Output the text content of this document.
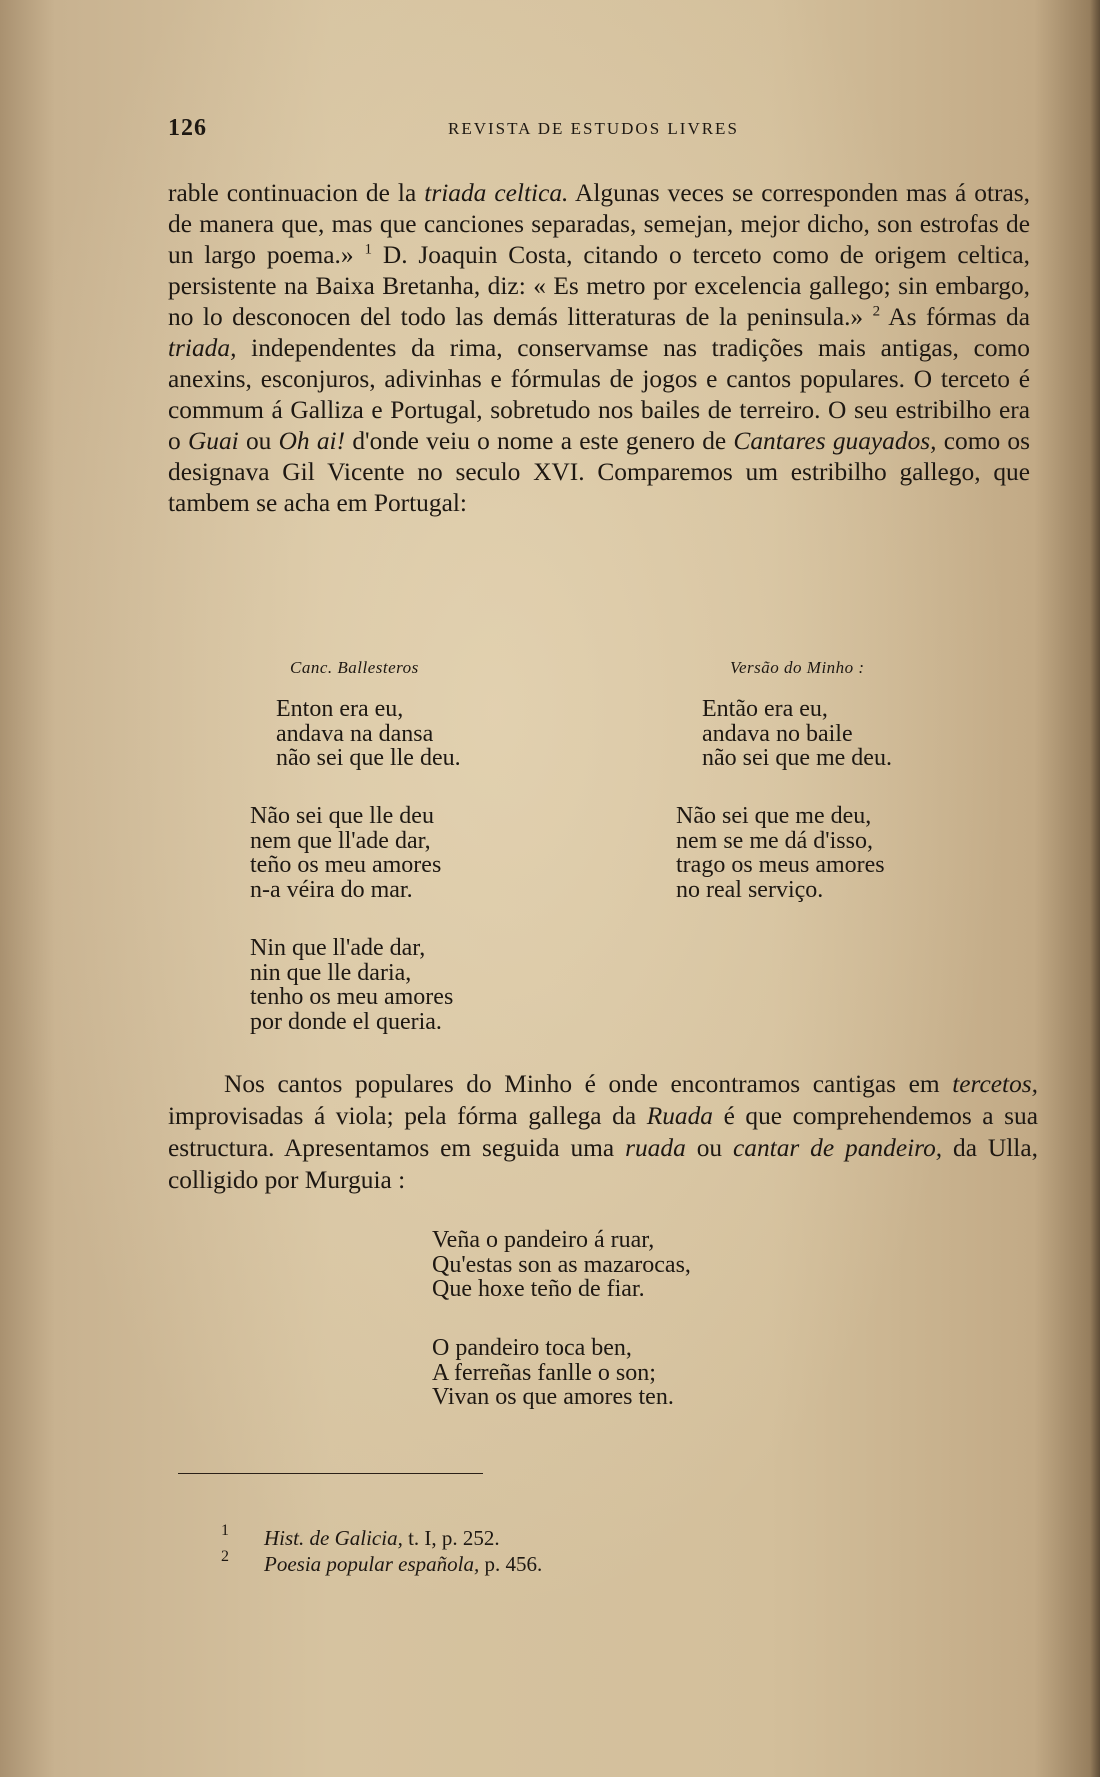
126	REVISTA DE ESTUDOS LIVRES
rable continuacion de la triada celtica. Algunas veces se corresponden mas á otras, de manera que, mas que canciones separadas, semejan, mejor dicho, son estrofas de un largo poema.» $^1$ D. Joaquin Costa, citando o terceto como de origem celtica, persistente na Baixa Bretanha, diz: « Es metro por excelencia gallego; sin embargo, no lo desconocen del todo las demás litteraturas de la peninsula.» $^2$ As fórmas da triada, independentes da rima, conservamse nas tradições mais antigas, como anexins, esconjuros, adivinhas e fórmulas de jogos e cantos populares. O terceto é commum á Galliza e Portugal, sobretudo nos bailes de terreiro. O seu estribilho era o Guai ou Oh ai! d'onde veiu o nome a este genero de Cantares guayados, como os designava Gil Vicente no seculo XVI. Comparemos um estribilho gallego, que tambem se acha em Portugal:
Canc. Ballesteros	Versão do Minho :
Enton era eu,
andava na dansa
não sei que lle deu.
Não sei que lle deu
nem que ll'ade dar,
teño os meu amores
n-a véira do mar.
Nin que ll'ade dar,
nin que lle daria,
tenho os meu amores
por donde el queria.
Então era eu,
andava no baile
não sei que me deu.
Não sei que me deu,
nem se me dá d'isso,
trago os meus amores
no real serviço.
Nos cantos populares do Minho é onde encontramos cantigas em tercetos, improvisadas á viola; pela fórma gallega da Ruada é que comprehendemos a sua estructura. Apresentamos em seguida uma ruada ou cantar de pandeiro, da Ulla, colligido por Murguia :
Veña o pandeiro á ruar,
Qu'estas son as mazarocas,
Que hoxe teño de fiar.
O pandeiro toca ben,
A ferreñas fanlle o son;
Vivan os que amores ten.
1 Hist. de Galicia, t. I, p. 252.
2 Poesia popular española, p. 456.
